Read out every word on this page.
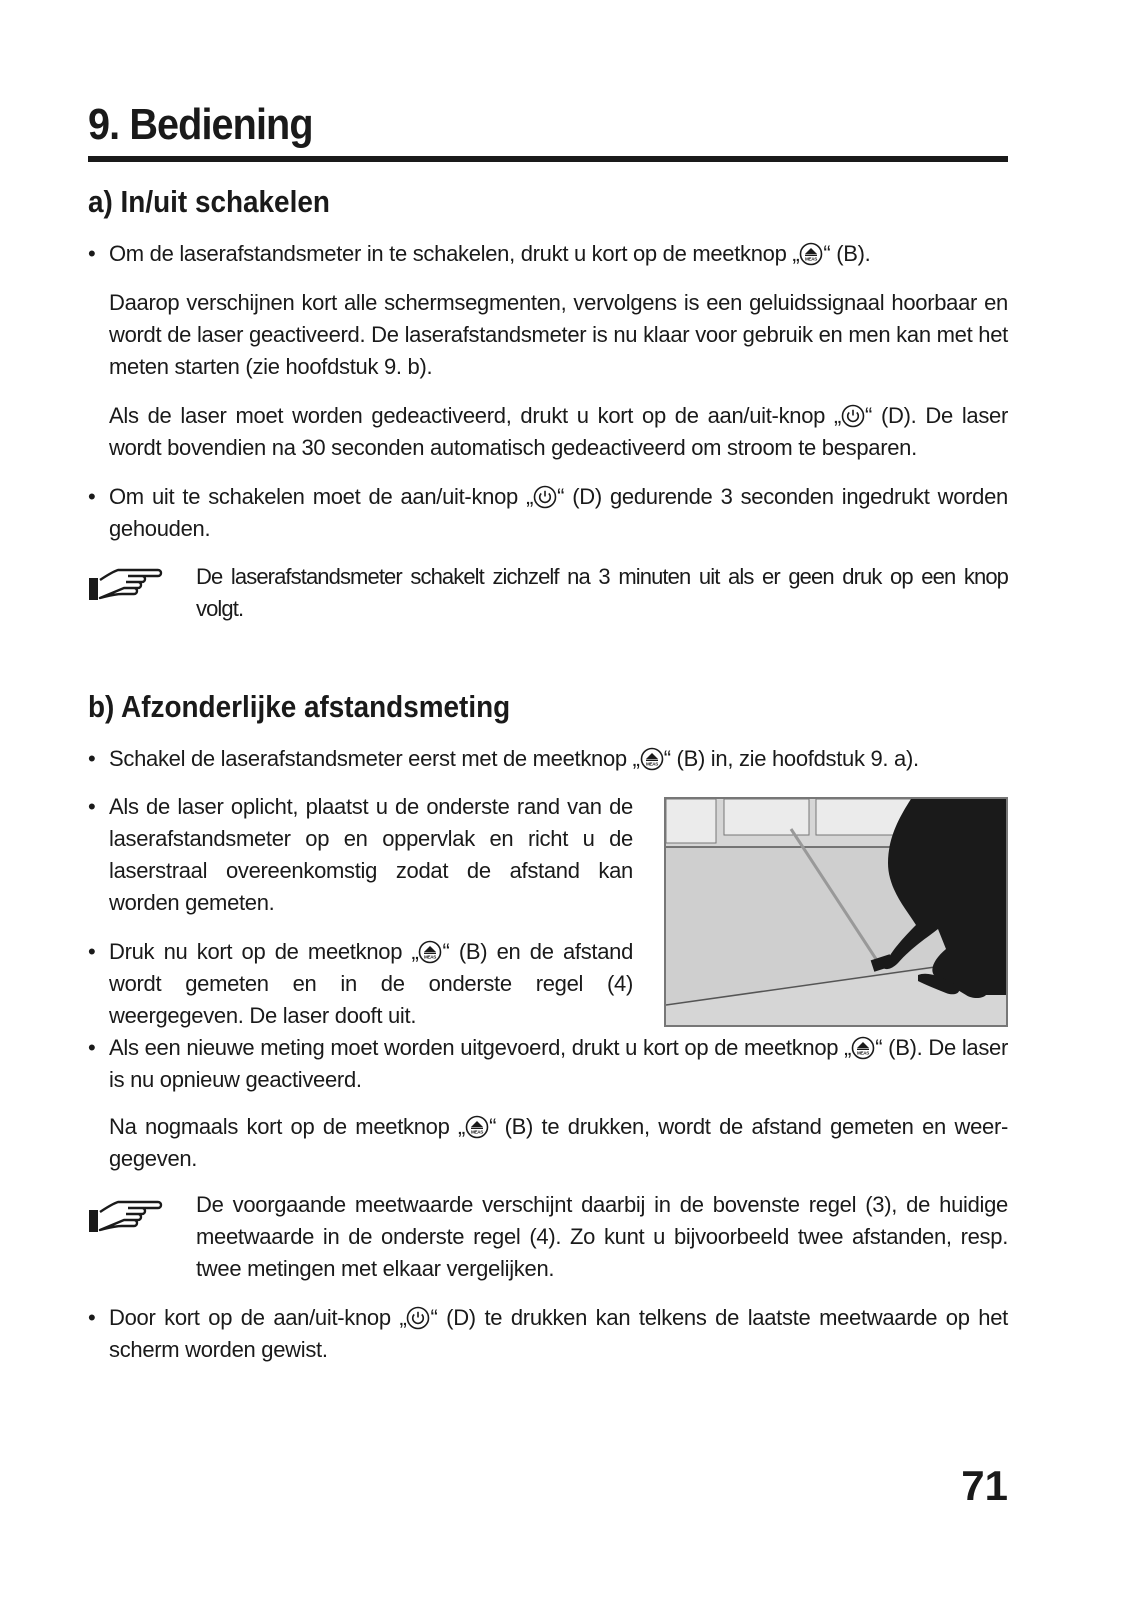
9. Bediening
a) In/uit schakelen
• Om de laserafstandsmeter in te schakelen, drukt u kort op de meetknop „ “ (B).

Daarop verschijnen kort alle schermsegmenten, vervolgens is een geluidssignaal hoorbaar en wordt de laser geactiveerd. De laserafstandsmeter is nu klaar voor gebruik en men kan met het meten starten (zie hoofdstuk 9. b).

Als de laser moet worden gedeactiveerd, drukt u kort op de aan/uit-knop „ “ (D). De laser wordt bovendien na 30 seconden automatisch gedeactiveerd om stroom te besparen.

• Om uit te schakelen moet de aan/uit-knop „ “ (D) gedurende 3 seconden ingedrukt worden gehouden.

De laserafstandsmeter schakelt zichzelf na 3 minuten uit als er geen druk op een knop volgt.

b) Afzonderlijke afstandsmeting
• Schakel de laserafstandsmeter eerst met de meetknop „ “ (B) in, zie hoofdstuk 9. a).

• Als de laser oplicht, plaatst u de onderste rand van de laserafstandsmeter op en oppervlak en richt u de laserstraal overeenkomstig zodat de afstand kan worden gemeten.

• Druk nu kort op de meetknop „ “ (B) en de afstand wordt gemeten en in de onderste regel (4) weergegeven. De laser dooft uit.

• Als een nieuwe meting moet worden uitgevoerd, drukt u kort op de meetknop „ “ (B). De laser is nu opnieuw geactiveerd.

Na nogmaals kort op de meetknop „ “ (B) te drukken, wordt de afstand gemeten en weer-gegeven.

De voorgaande meetwaarde verschijnt daarbij in de bovenste regel (3), de huidige meetwaarde in de onderste regel (4). Zo kunt u bijvoorbeeld twee afstanden, resp. twee metingen met elkaar vergelijken.

• Door kort op de aan/uit-knop „ “ (D) te drukken kan telkens de laatste meetwaarde op het scherm worden gewist.

71
